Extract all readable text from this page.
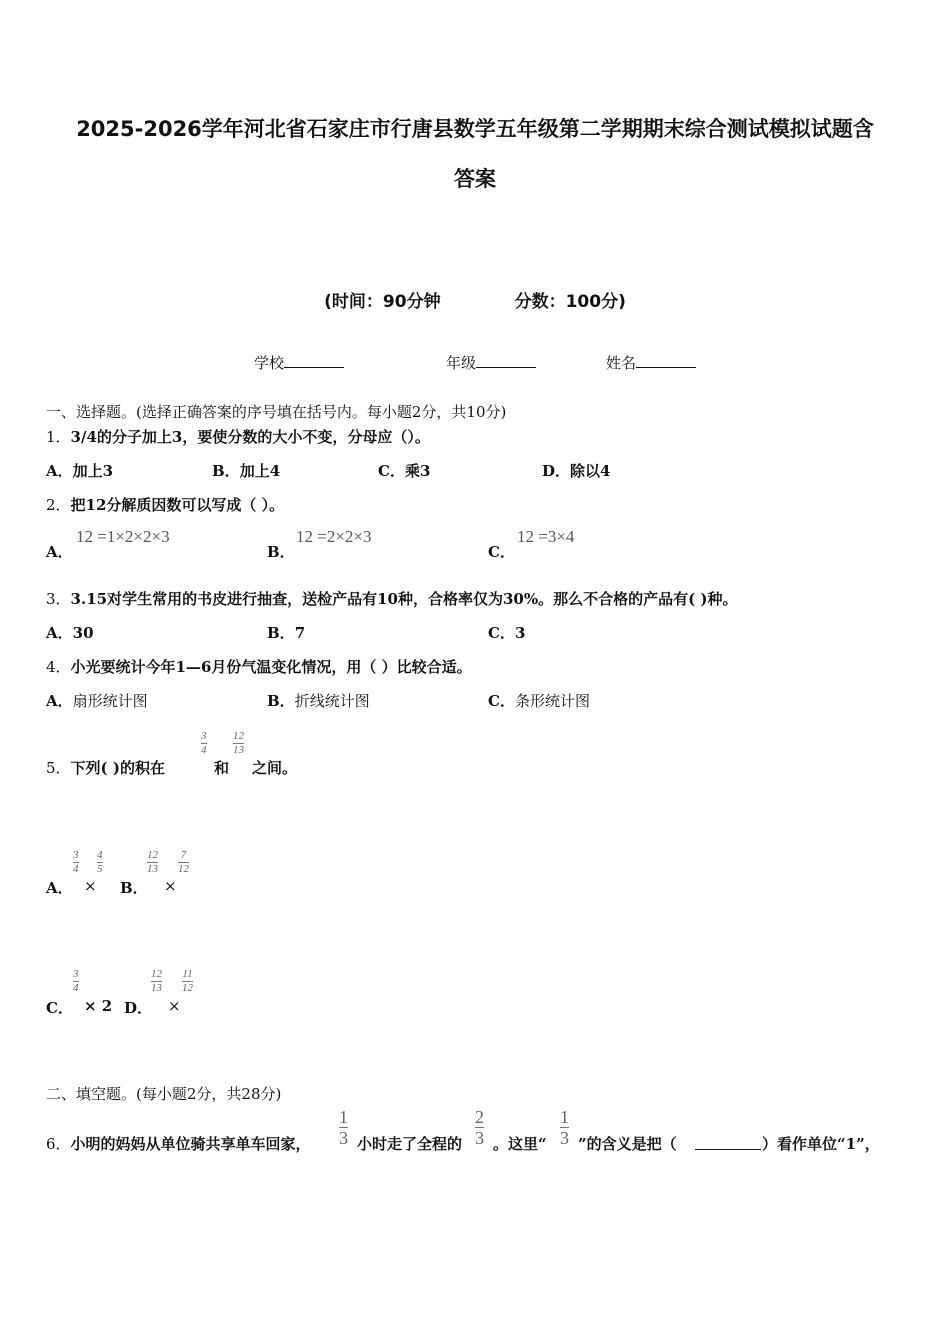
2025-2026学年河北省石家庄市行唐县数学五年级第二学期期末综合测试模拟试题含
答案
(时间：90分钟	分数：100分)
学校	年级	姓名
一、选择题。(选择正确答案的序号填在括号内。每小题2分，共10分)
1．3/4的分子加上3，要使分数的大小不变，分母应（）。
A．加上3	B．加上4	C．乘3	D．除以4
2．把12分解质因数可以写成（ ）。
A．
12 =1×2×2×3
B．
12 =2×2×3
C．
12 =3×4
3．3.15对学生常用的书皮进行抽查，送检产品有10种，合格率仅为30%。那么不合格的产品有( )种。
A．30	B．7	C．3
4．小光要统计今年1—6月份气温变化情况，用（ ）比较合适。
A．扇形统计图	B．折线统计图	C．条形统计图
5．下列( )的积在
3
4
和
12
13
之间。
A．
3
4
×
4
5
B．
12
13
×
7
12
C．
3
4
× 2 D．
12
13
×
11
12
二、填空题。(每小题2分，共28分)
6．小明的妈妈从单位骑共享单车回家，
1
3 小时走了全程的
2
3 。这里“
1
3 ”的含义是把（	）看作单位“1”，
